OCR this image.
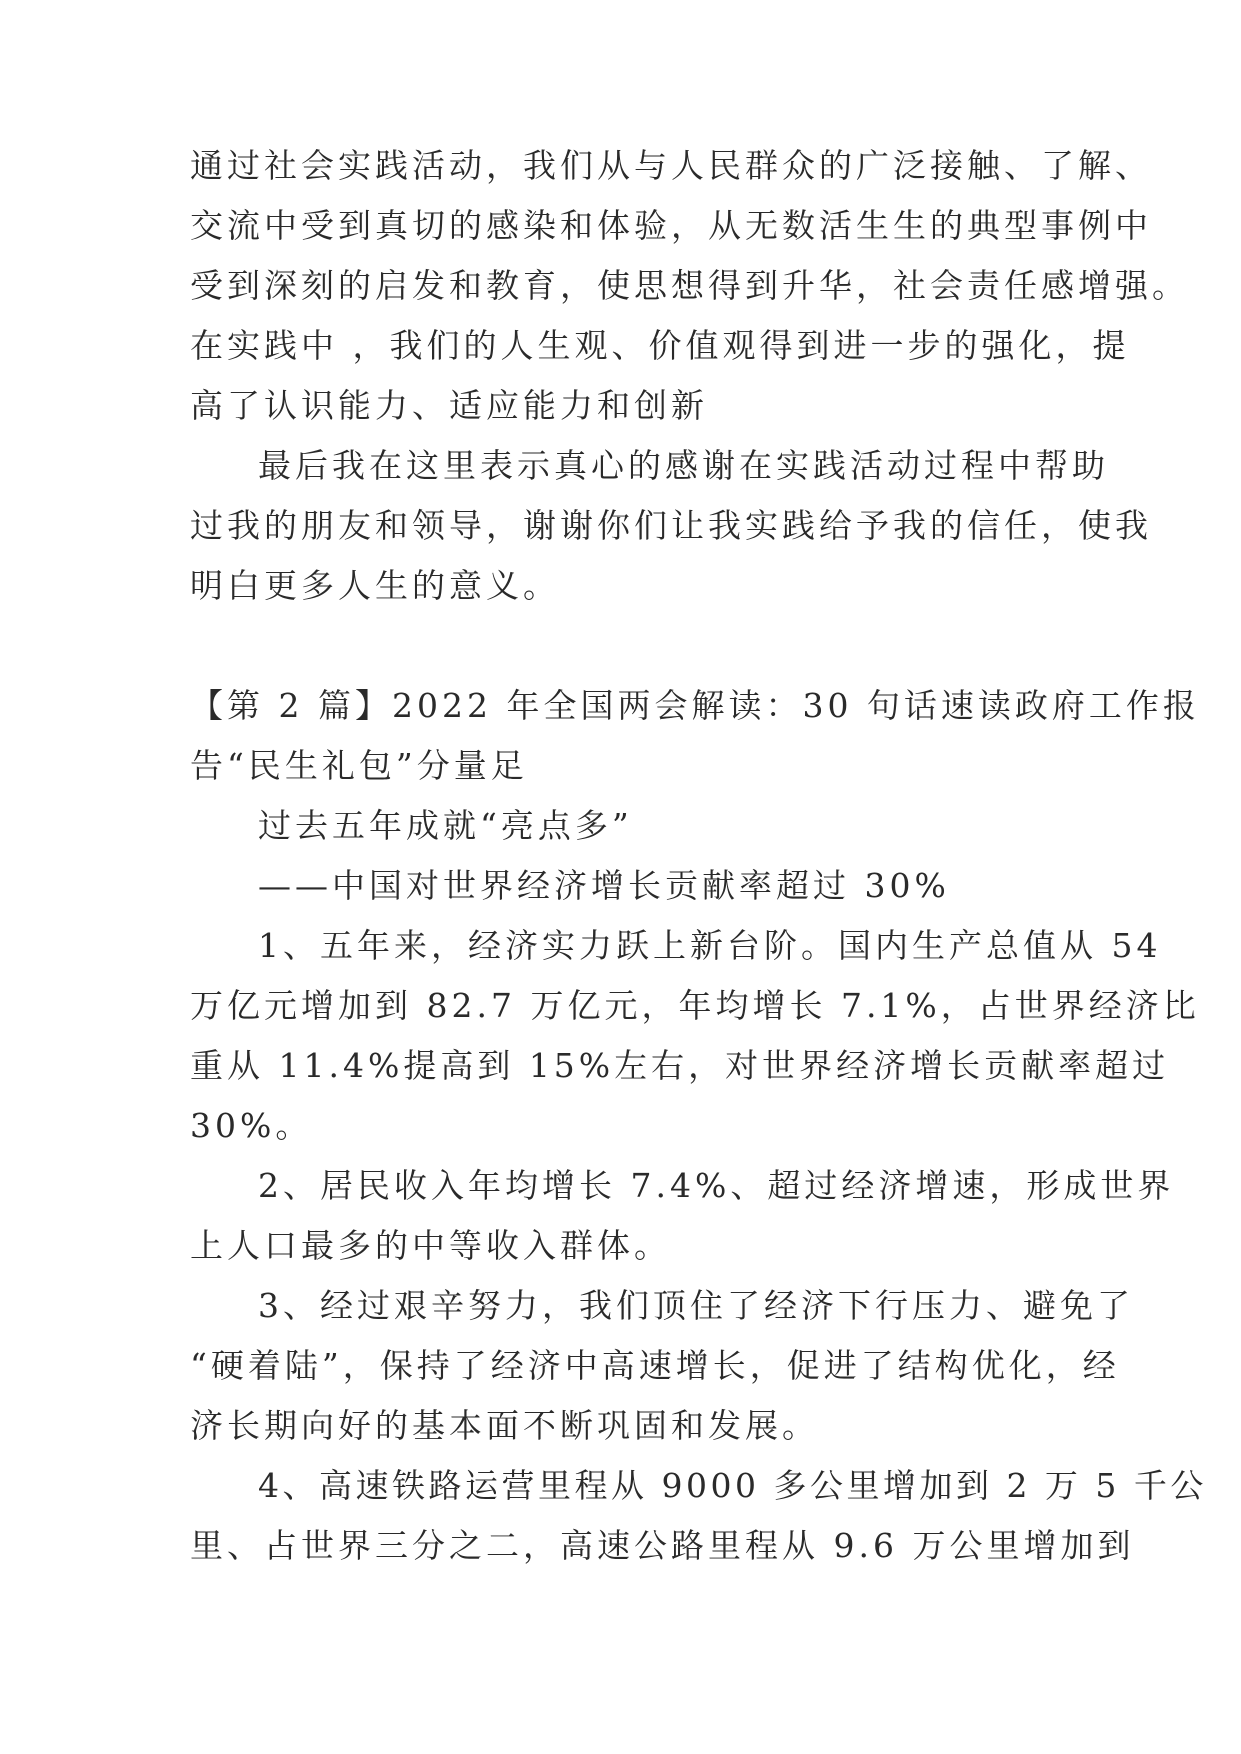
通过社会实践活动，我们从与人民群众的广泛接触、了解、
交流中受到真切的感染和体验，从无数活生生的典型事例中
受到深刻的启发和教育，使思想得到升华，社会责任感增强。
在实践中 ，我们的人生观、价值观得到进一步的强化，提
高了认识能力、适应能力和创新
最后我在这里表示真心的感谢在实践活动过程中帮助
过我的朋友和领导，谢谢你们让我实践给予我的信任，使我
明白更多人生的意义。
【第 2 篇】2022 年全国两会解读：30 句话速读政府工作报
告“民生礼包”分量足
过去五年成就“亮点多”
——中国对世界经济增长贡献率超过 30%
1、五年来，经济实力跃上新台阶。国内生产总值从 54
万亿元增加到 82.7 万亿元，年均增长 7.1%，占世界经济比
重从 11.4%提高到 15%左右，对世界经济增长贡献率超过
30%。
2、居民收入年均增长 7.4%、超过经济增速，形成世界
上人口最多的中等收入群体。
3、经过艰辛努力，我们顶住了经济下行压力、避免了
“硬着陆”，保持了经济中高速增长，促进了结构优化，经
济长期向好的基本面不断巩固和发展。
4、高速铁路运营里程从 9000 多公里增加到 2 万 5 千公
里、占世界三分之二，高速公路里程从 9.6 万公里增加到
